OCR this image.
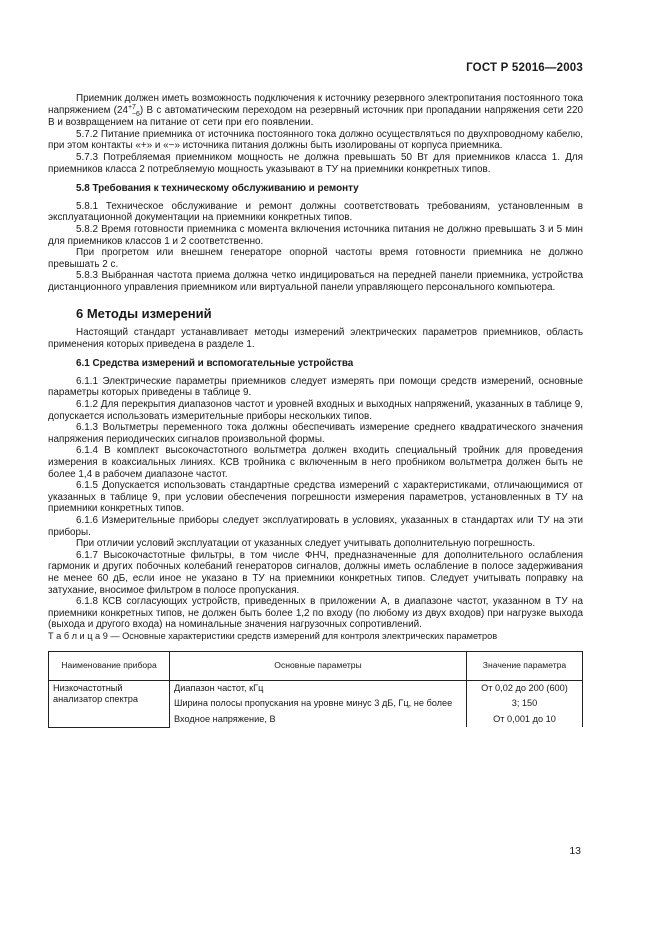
ГОСТ Р 52016—2003

Приемник должен иметь возможность подключения к источнику резервного электропитания постоянного тока напряжением $(24^{+7}_{-6})$ В с автоматическим переходом на резервный источник при пропадании напряжения сети 220 В и возвращением на питание от сети при его появлении.

5.7.2 Питание приемника от источника постоянного тока должно осуществляться по двухпроводному кабелю, при этом контакты «+» и «−» источника питания должны быть изолированы от корпуса приемника.

5.7.3 Потребляемая приемником мощность не должна превышать 50 Вт для приемников класса 1. Для приемников класса 2 потребляемую мощность указывают в ТУ на приемники конкретных типов.

5.8 Требования к техническому обслуживанию и ремонту

5.8.1 Техническое обслуживание и ремонт должны соответствовать требованиям, установленным в эксплуатационной документации на приемники конкретных типов.

5.8.2 Время готовности приемника с момента включения источника питания не должно превышать 3 и 5 мин для приемников классов 1 и 2 соответственно.

При прогретом или внешнем генераторе опорной частоты время готовности приемника не должно превышать 2 с.

5.8.3 Выбранная частота приема должна четко индицироваться на передней панели приемника, устройства дистанционного управления приемником или виртуальной панели управляющего персонального компьютера.

6 Методы измерений

Настоящий стандарт устанавливает методы измерений электрических параметров приемников, область применения которых приведена в разделе 1.

6.1 Средства измерений и вспомогательные устройства

6.1.1 Электрические параметры приемников следует измерять при помощи средств измерений, основные параметры которых приведены в таблице 9.

6.1.2 Для перекрытия диапазонов частот и уровней входных и выходных напряжений, указанных в таблице 9, допускается использовать измерительные приборы нескольких типов.

6.1.3 Вольтметры переменного тока должны обеспечивать измерение среднего квадратического значения напряжения периодических сигналов произвольной формы.

6.1.4 В комплект высокочастотного вольтметра должен входить специальный тройник для проведения измерения в коаксиальных линиях. КСВ тройника с включенным в него пробником вольтметра должен быть не более 1,4 в рабочем диапазоне частот.

6.1.5 Допускается использовать стандартные средства измерений с характеристиками, отличающимися от указанных в таблице 9, при условии обеспечения погрешности измерения параметров, установленных в ТУ на приемники конкретных типов.

6.1.6 Измерительные приборы следует эксплуатировать в условиях, указанных в стандартах или ТУ на эти приборы.

При отличии условий эксплуатации от указанных следует учитывать дополнительную погрешность.

6.1.7 Высокочастотные фильтры, в том числе ФНЧ, предназначенные для дополнительного ослабления гармоник и других побочных колебаний генераторов сигналов, должны иметь ослабление в полосе задерживания не менее 60 дБ, если иное не указано в ТУ на приемники конкретных типов. Следует учитывать поправку на затухание, вносимое фильтром в полосе пропускания.

6.1.8 КСВ согласующих устройств, приведенных в приложении А, в диапазоне частот, указанном в ТУ на приемники конкретных типов, не должен быть более 1,2 по входу (по любому из двух входов) при нагрузке выхода (выхода и другого входа) на номинальные значения нагрузочных сопротивлений.

Т а б л и ц а 9 — Основные характеристики средств измерений для контроля электрических параметров

Наименование прибора	Основные параметры	Значение параметра
Низкочастотный анализатор спектра	Диапазон частот, кГц	От 0,02 до 200 (600)
	Ширина полосы пропускания на уровне минус 3 дБ, Гц, не более	3; 150
	Входное напряжение, В	От 0,001 до 10
13
